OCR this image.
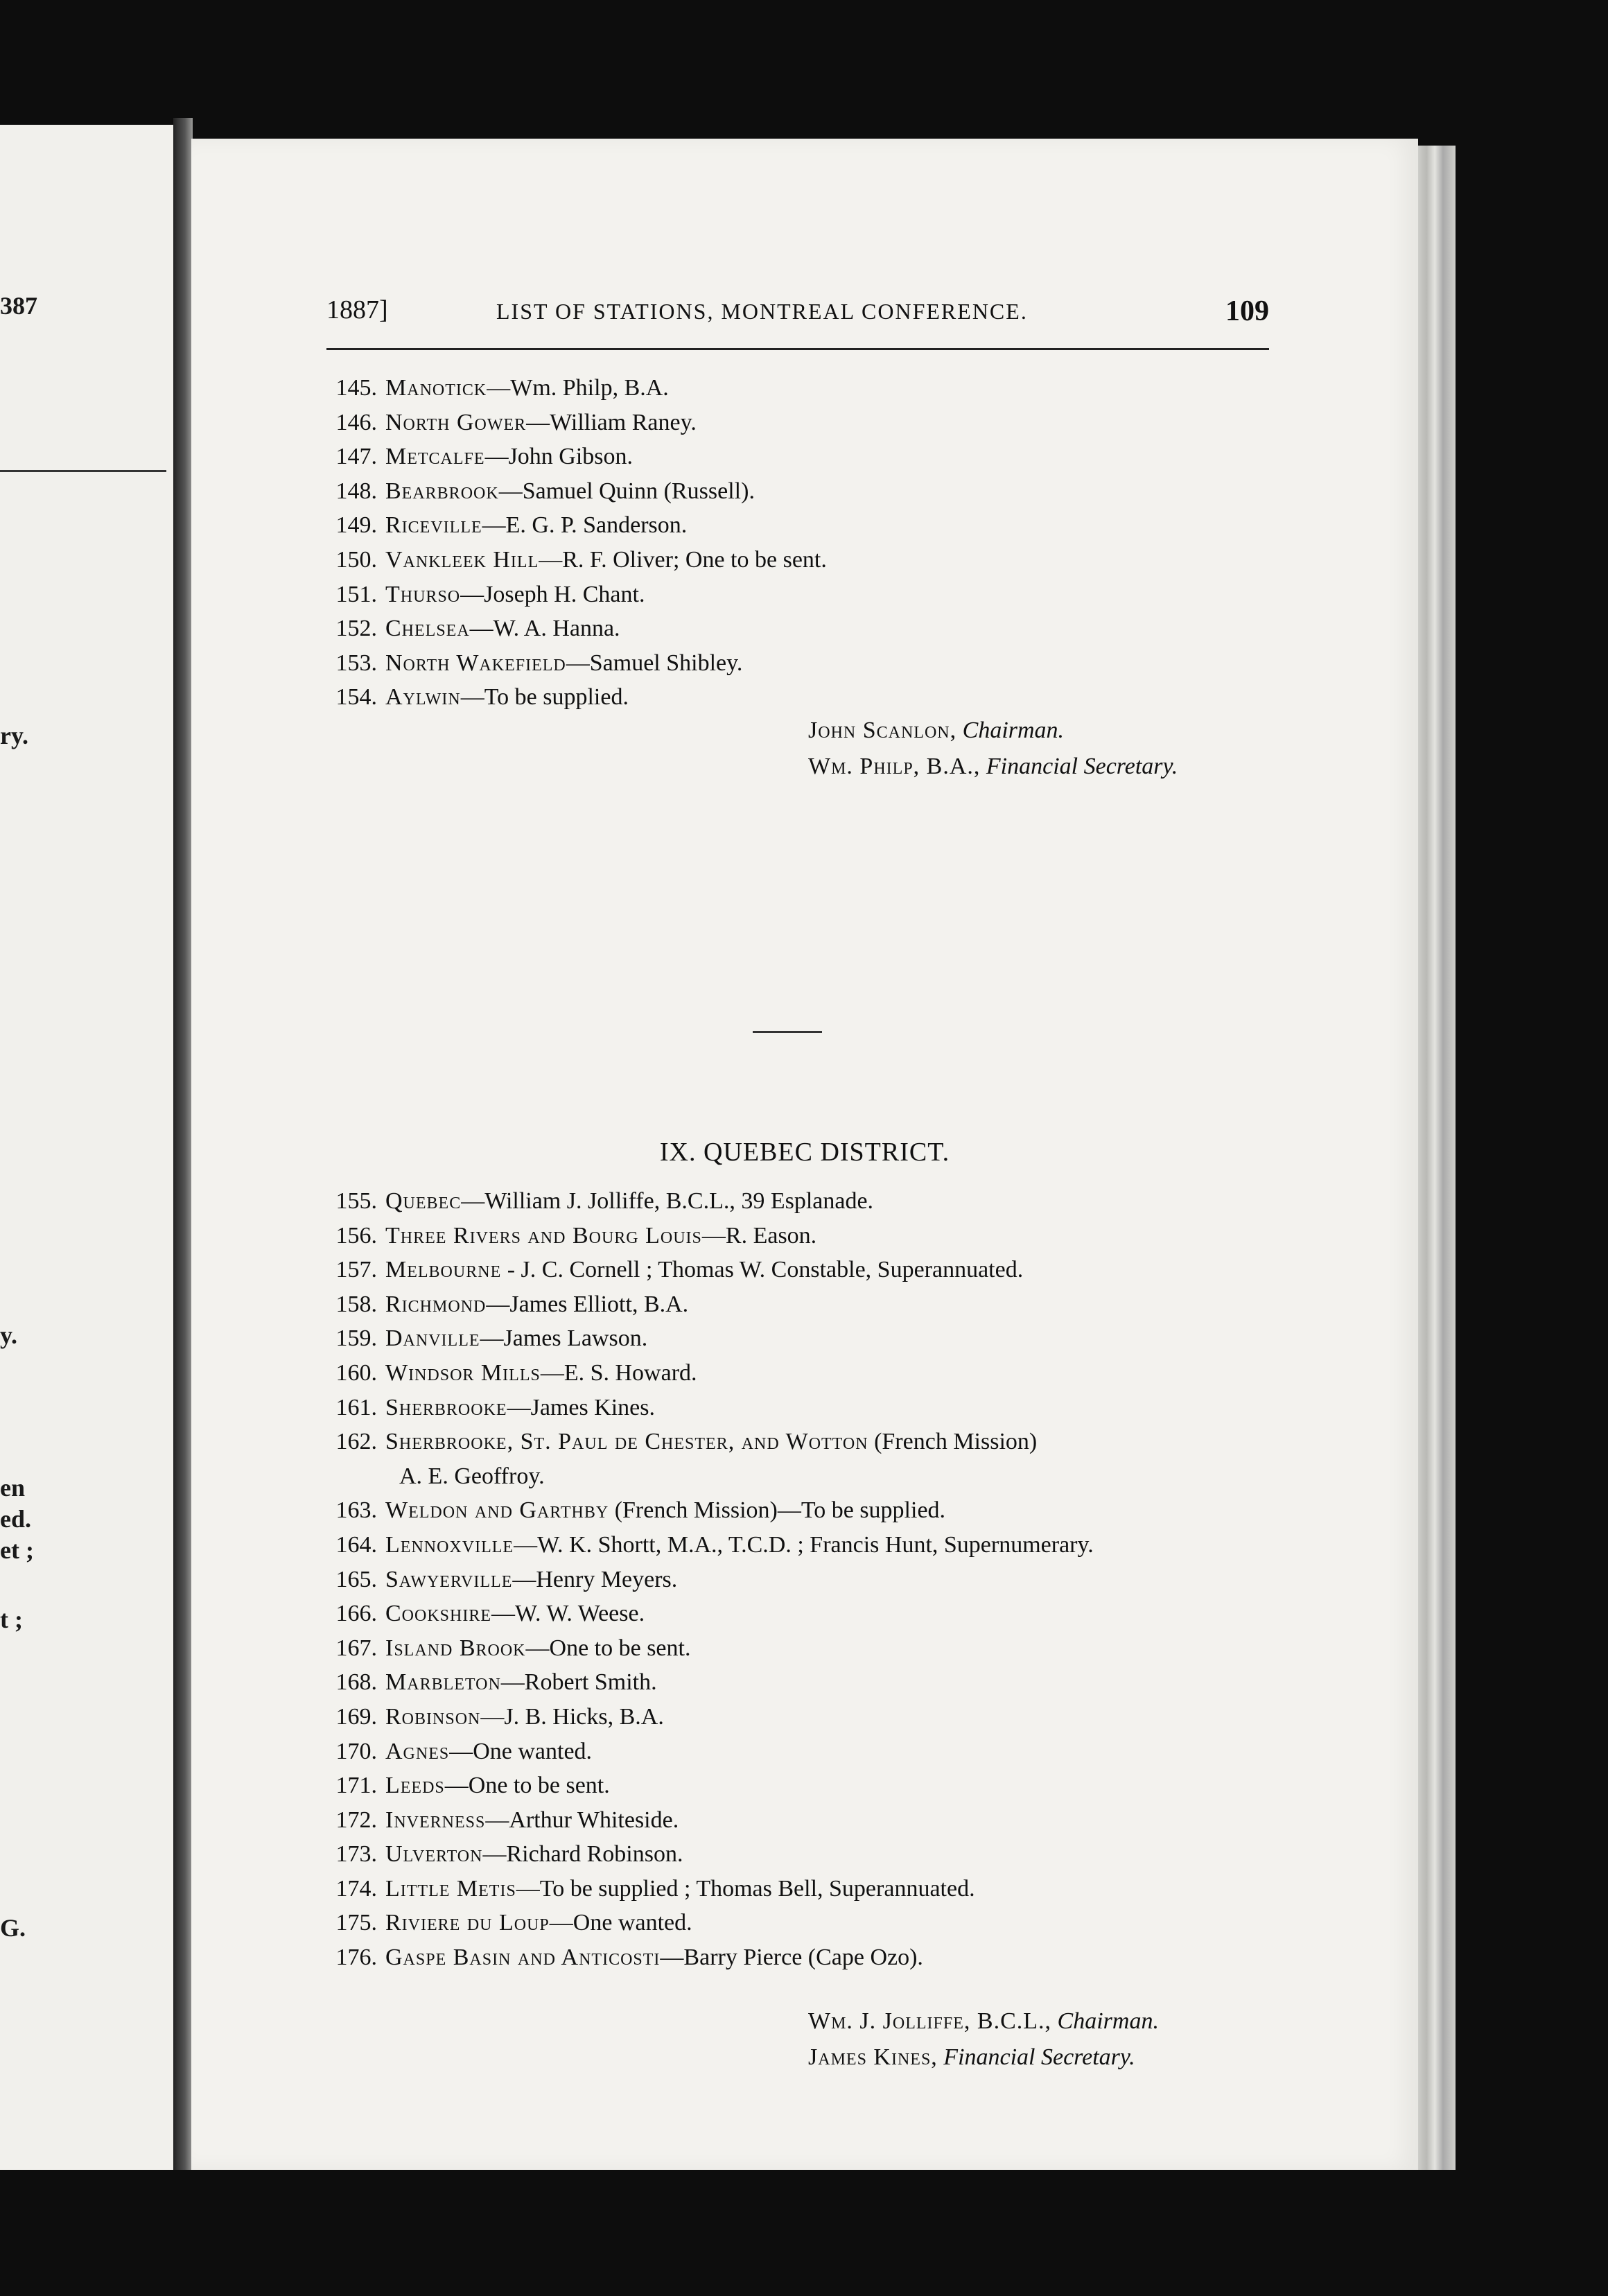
387
ry.
y.
en
ed.
et ;
t ;
G.
1887]	LIST OF STATIONS, MONTREAL CONFERENCE.	109
145. Manotick—Wm. Philp, B.A.
146. North Gower—William Raney.
147. Metcalfe—John Gibson.
148. Bearbrook—Samuel Quinn (Russell).
149. Riceville—E. G. P. Sanderson.
150. Vankleek Hill—R. F. Oliver; One to be sent.
151. Thurso—Joseph H. Chant.
152. Chelsea—W. A. Hanna.
153. North Wakefield—Samuel Shibley.
154. Aylwin—To be supplied.
John Scanlon, Chairman.
Wm. Philp, B.A., Financial Secretary.
IX. QUEBEC DISTRICT.
155. Quebec—William J. Jolliffe, B.C.L., 39 Esplanade.
156. Three Rivers and Bourg Louis—R. Eason.
157. Melbourne - J. C. Cornell ; Thomas W. Constable, Superannuated.
158. Richmond—James Elliott, B.A.
159. Danville—James Lawson.
160. Windsor Mills—E. S. Howard.
161. Sherbrooke—James Kines.
162. Sherbrooke, St. Paul de Chester, and Wotton (French Mission)
A. E. Geoffroy.
163. Weldon and Garthby (French Mission)—To be supplied.
164. Lennoxville—W. K. Shortt, M.A., T.C.D. ; Francis Hunt, Supernumerary.
165. Sawyerville—Henry Meyers.
166. Cookshire—W. W. Weese.
167. Island Brook—One to be sent.
168. Marbleton—Robert Smith.
169. Robinson—J. B. Hicks, B.A.
170. Agnes—One wanted.
171. Leeds—One to be sent.
172. Inverness—Arthur Whiteside.
173. Ulverton—Richard Robinson.
174. Little Metis—To be supplied ; Thomas Bell, Superannuated.
175. Riviere du Loup—One wanted.
176. Gaspe Basin and Anticosti—Barry Pierce (Cape Ozo).
Wm. J. Jolliffe, B.C.L., Chairman.
James Kines, Financial Secretary.
